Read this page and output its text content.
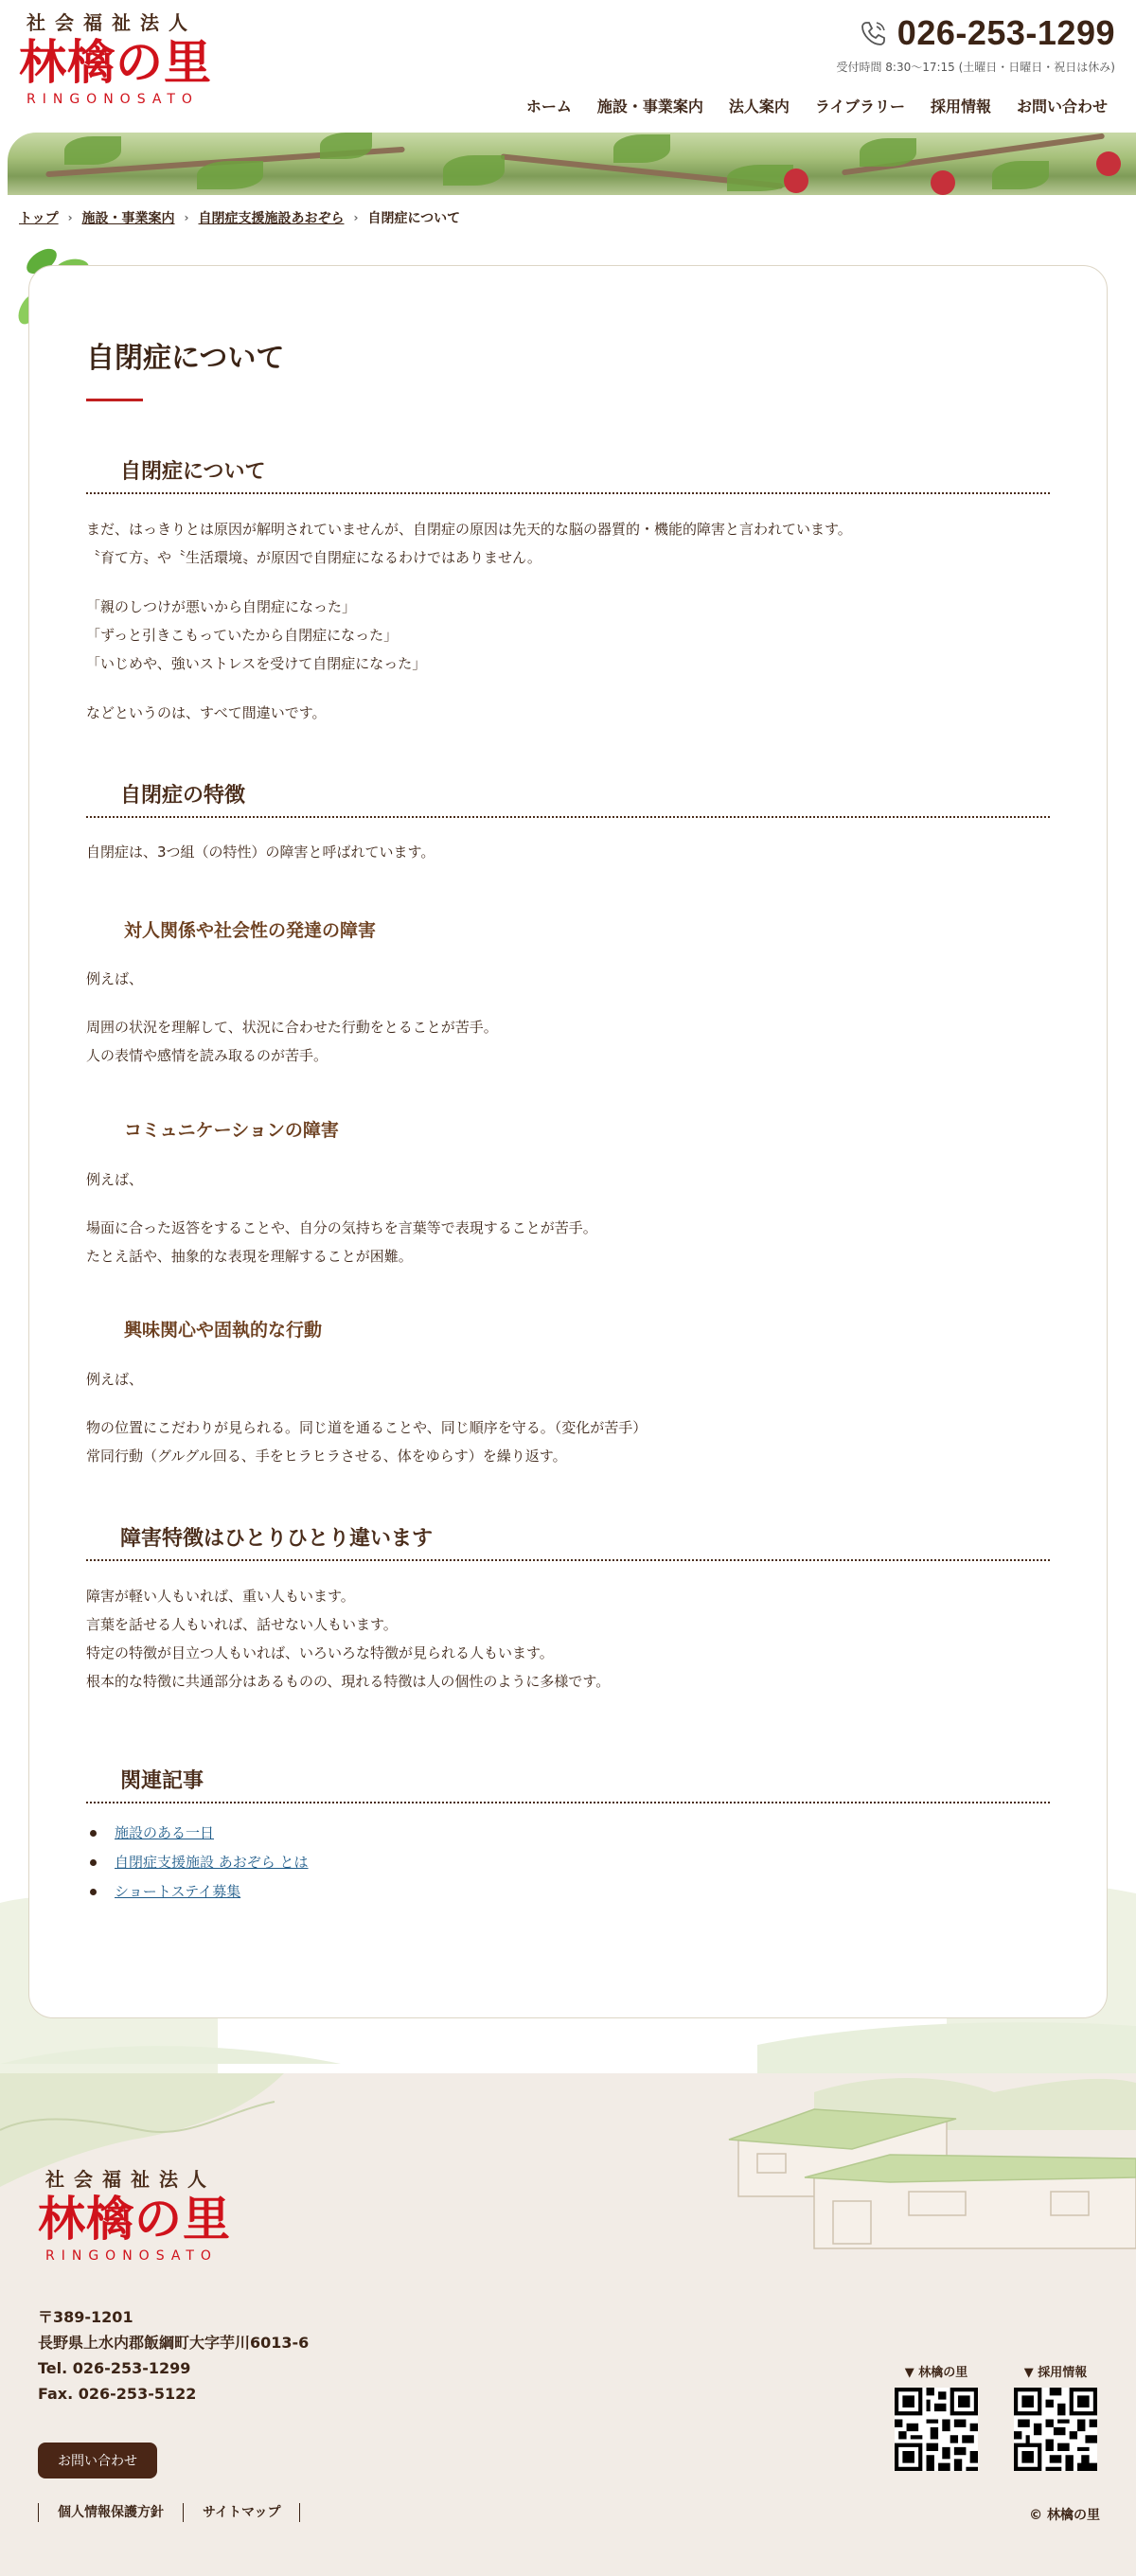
社会福祉法人
林檎の里
RINGONOSATO
026-253-1299
受付時間 8:30〜17:15 (土曜日・日曜日・祝日は休み)
ホーム 施設・事業案内 法人案内 ライブラリー 採用情報 お問い合わせ
トップ › 施設・事業案内 › 自閉症支援施設あおぞら › 自閉症について
自閉症について
自閉症について
まだ、はっきりとは原因が解明されていませんが、自閉症の原因は先天的な脳の器質的・機能的障害と言われています。
〝育て方〟や〝生活環境〟が原因で自閉症になるわけではありません。
「親のしつけが悪いから自閉症になった」
「ずっと引きこもっていたから自閉症になった」
「いじめや、強いストレスを受けて自閉症になった」
などというのは、すべて間違いです。
自閉症の特徴
自閉症は、3つ組（の特性）の障害と呼ばれています。
対人関係や社会性の発達の障害
例えば、
周囲の状況を理解して、状況に合わせた行動をとることが苦手。
人の表情や感情を読み取るのが苦手。
コミュニケーションの障害
例えば、
場面に合った返答をすることや、自分の気持ちを言葉等で表現することが苦手。
たとえ話や、抽象的な表現を理解することが困難。
興味関心や固執的な行動
例えば、
物の位置にこだわりが見られる。同じ道を通ることや、同じ順序を守る。（変化が苦手）
常同行動（グルグル回る、手をヒラヒラさせる、体をゆらす）を繰り返す。
障害特徴はひとりひとり違います
障害が軽い人もいれば、重い人もいます。
言葉を話せる人もいれば、話せない人もいます。
特定の特徴が目立つ人もいれば、いろいろな特徴が見られる人もいます。
根本的な特徴に共通部分はあるものの、現れる特徴は人の個性のように多様です。
関連記事
施設のある一日
自閉症支援施設 あおぞら とは
ショートステイ募集
社会福祉法人
林檎の里
RINGONOSATO
〒389-1201
長野県上水内郡飯綱町大字芋川6013-6
Tel. 026-253-1299
Fax. 026-253-5122
お問い合わせ
個人情報保護方針	サイトマップ
▼ 林檎の里	▼ 採用情報
© 林檎の里
